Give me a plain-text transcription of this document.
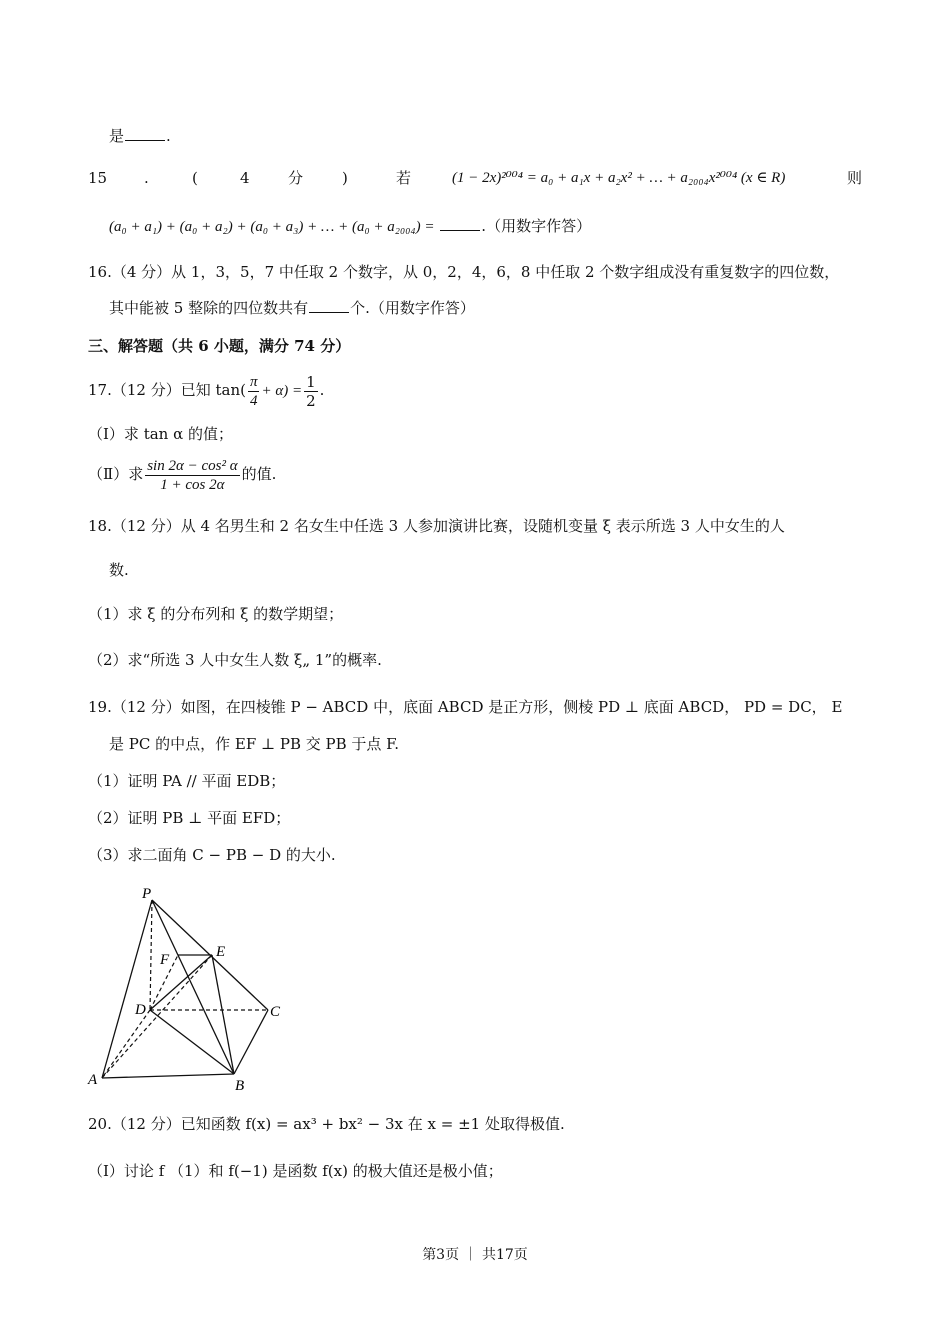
是	.
15 .	(	4	分	)	若	(1 − 2x)²⁰⁰⁴ = a₀ + a₁x + a₂x² + … + a₂₀₀₄x²⁰⁰⁴ (x ∈ R)	则
(a₀ + a₁) + (a₀ + a₂) + (a₀ + a₃) + … + (a₀ + a₂₀₀₄) =	.（用数字作答）
16.（4 分）从 1，3，5，7 中任取 2 个数字，从 0，2，4，6，8 中任取 2 个数字组成没有重复数字的四位数，
其中能被 5 整除的四位数共有	个.（用数字作答）
三、解答题（共 6 小题，满分 74 分）
17.（12 分）已知 $\tan( \frac{\pi}{4} + \alpha) = \frac{1}{2}$ .
（Ⅰ）求 tan α 的值；
（Ⅱ）求 $\frac{\text{sin 2α − cos² α}}{1 + \cos 2\alpha}$ 的值.
18.（12 分）从 4 名男生和 2 名女生中任选 3 人参加演讲比赛，设随机变量 ξ 表示所选 3 人中女生的人
数.
（1）求 ξ 的分布列和 ξ 的数学期望；
（2）求“所选 3 人中女生人数 ξ„ 1”的概率.
19.（12 分）如图，在四棱锥 P − ABCD 中，底面 ABCD 是正方形，侧棱 PD ⊥ 底面 ABCD， PD = DC， E
是 PC 的中点，作 EF ⊥ PB 交 PB 于点 F.
（1）证明 PA // 平面 EDB；
（2）证明 PB ⊥ 平面 EFD；
（3）求二面角 C − PB − D 的大小.
P
E
F
D	C
A	B
20.（12 分）已知函数 f(x) = ax³ + bx² − 3x 在 x = ±1 处取得极值.
（Ⅰ）讨论 f （1）和 f(−1) 是函数 f(x) 的极大值还是极小值；
第3页 ｜ 共17页
